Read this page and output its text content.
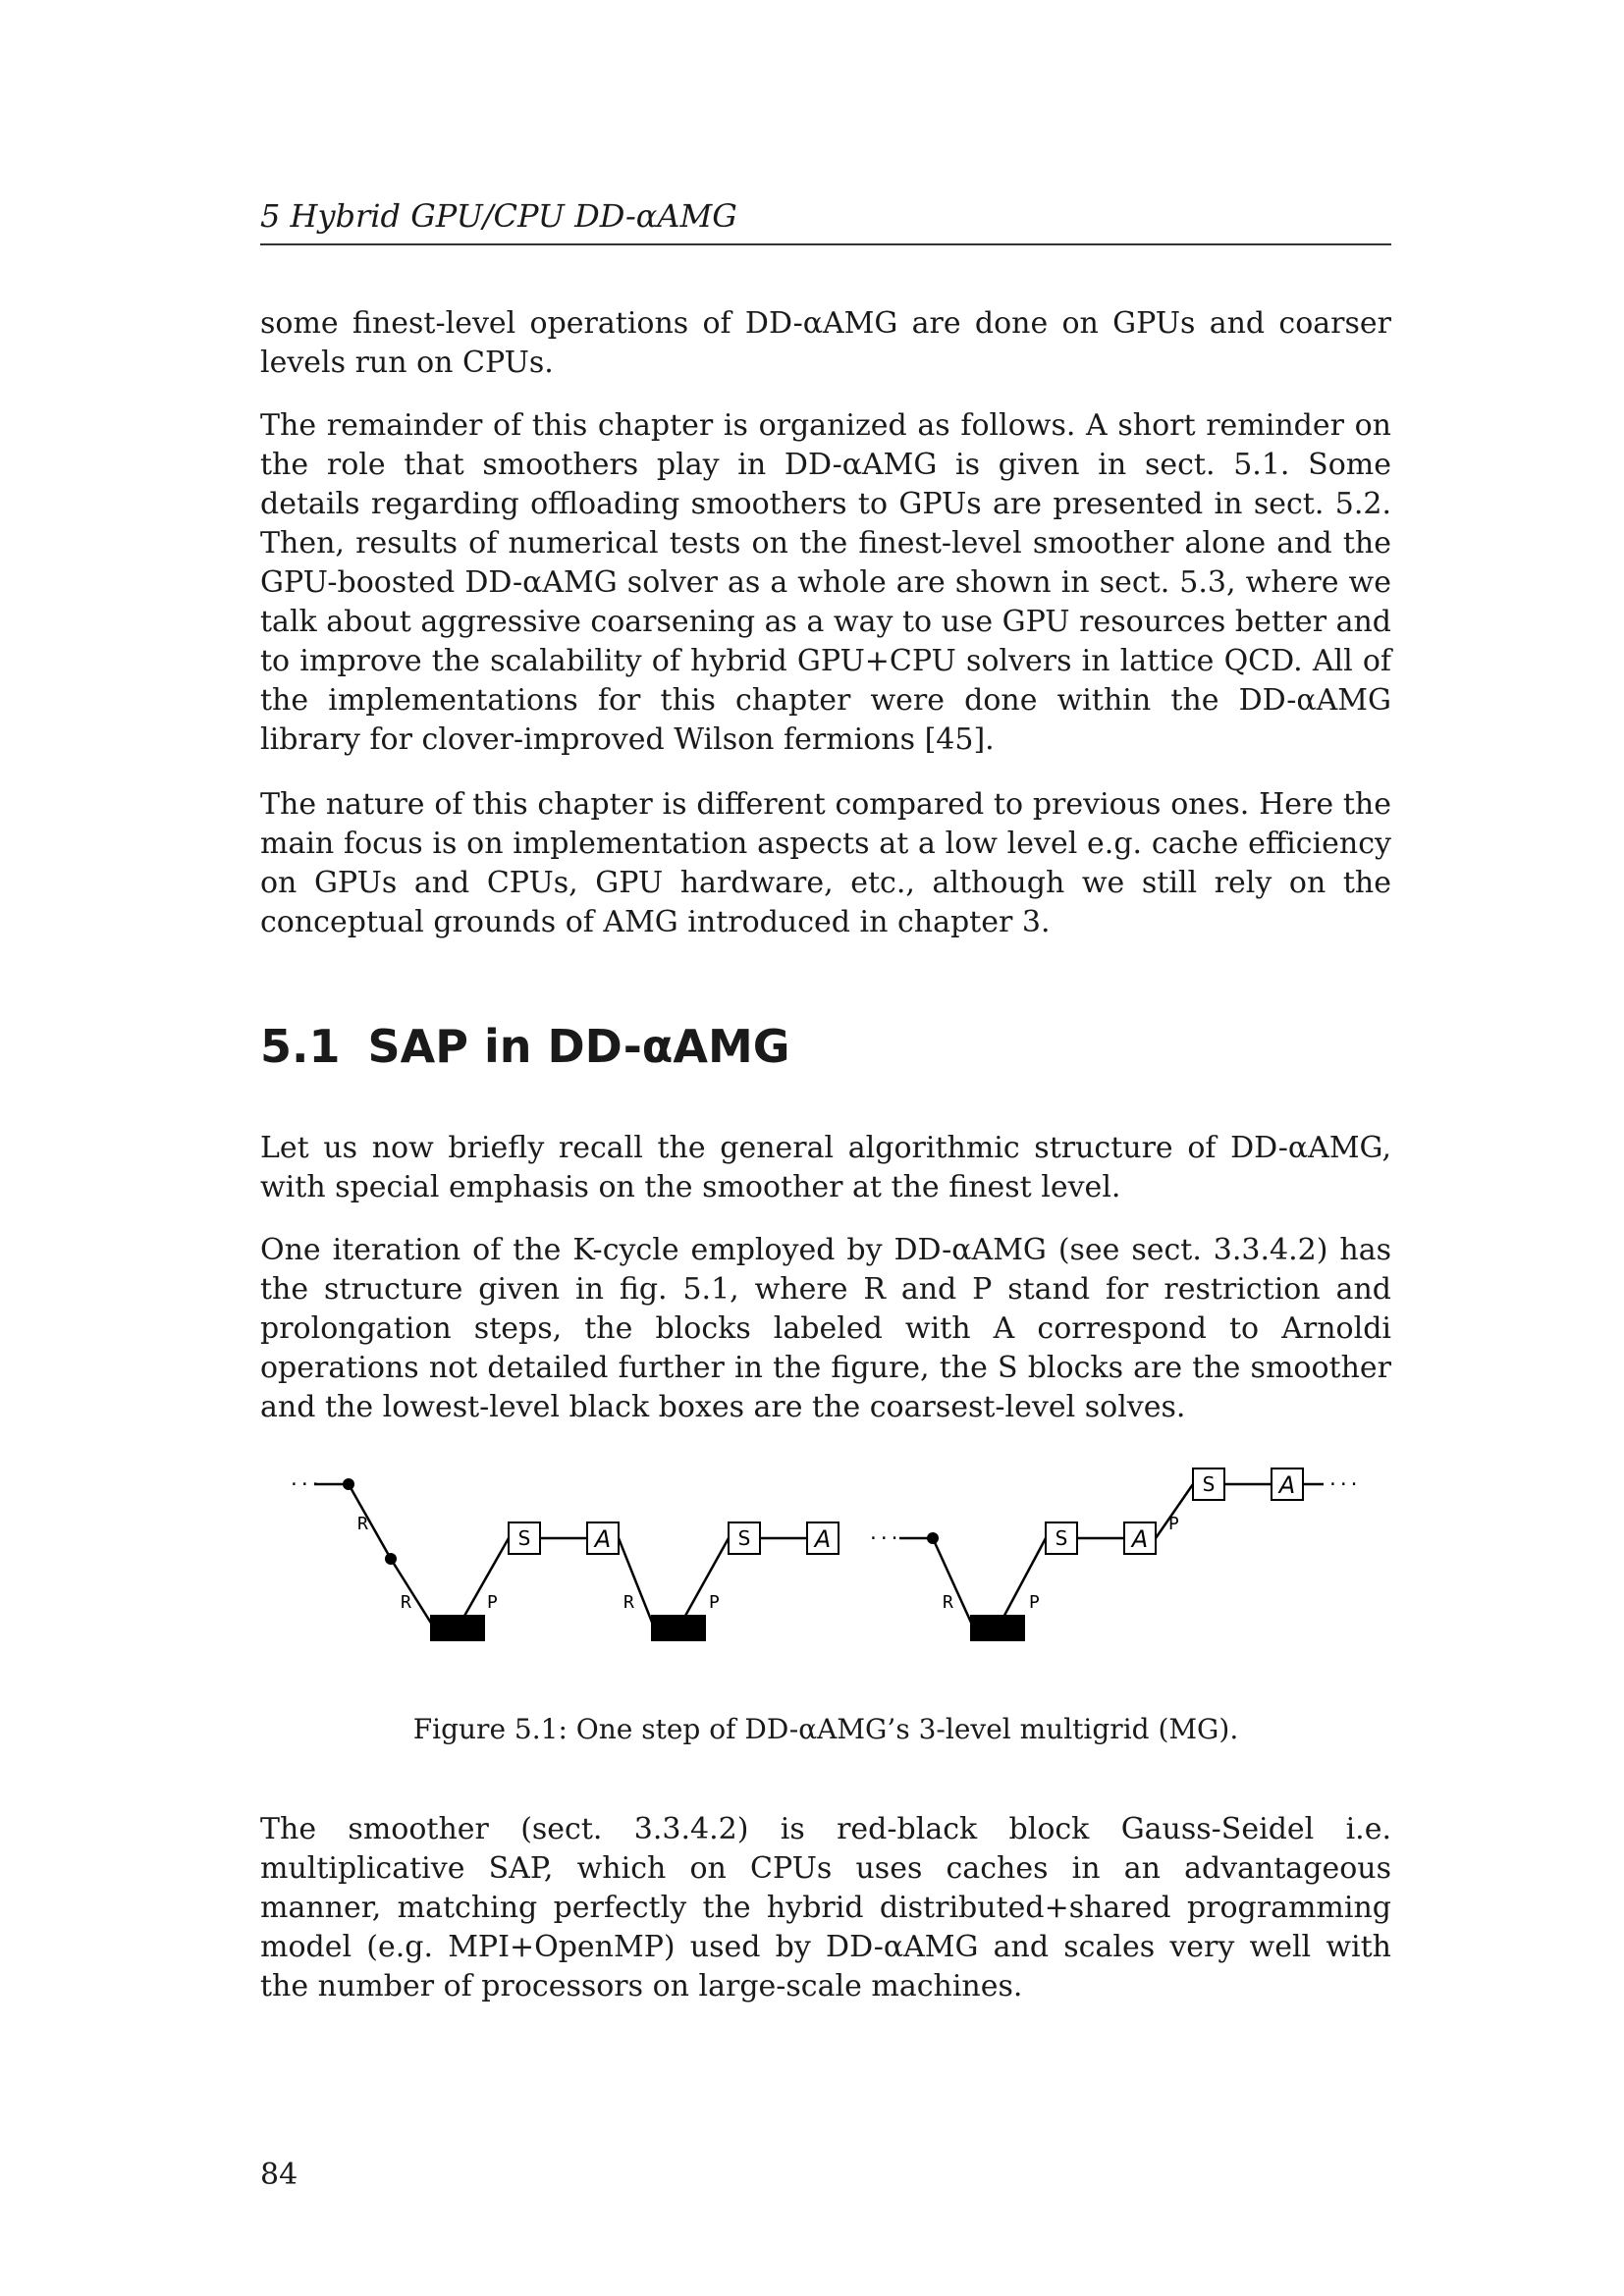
5 Hybrid GPU/CPU DD-αAMG

some finest-level operations of DD-αAMG are done on GPUs and coarser levels run on CPUs.

The remainder of this chapter is organized as follows. A short reminder on the role that smoothers play in DD-αAMG is given in sect. 5.1. Some details regarding offloading smoothers to GPUs are presented in sect. 5.2. Then, results of numerical tests on the finest-level smoother alone and the GPU-boosted DD-αAMG solver as a whole are shown in sect. 5.3, where we talk about aggressive coarsening as a way to use GPU resources better and to improve the scalability of hybrid GPU+CPU solvers in lattice QCD. All of the implementations for this chapter were done within the DD-αAMG library for clover-improved Wilson fermions [45].

The nature of this chapter is different compared to previous ones. Here the main focus is on implementation aspects at a low level e.g. cache efficiency on GPUs and CPUs, GPU hardware, etc., although we still rely on the conceptual grounds of AMG introduced in chapter 3.

5.1 SAP in DD-αAMG

Let us now briefly recall the general algorithmic structure of DD-αAMG, with special emphasis on the smoother at the finest level.

One iteration of the K-cycle employed by DD-αAMG (see sect. 3.3.4.2) has the structure given in fig. 5.1, where R and P stand for restriction and prolongation steps, the blocks labeled with A correspond to Arnoldi operations not detailed further in the figure, the S blocks are the smoother and the lowest-level black boxes are the coarsest-level solves.

···
···
···
S	A	S	A	S	A
S	A
R
R	P	R	P	R	P
P
Figure 5.1: One step of DD-αAMG’s 3-level multigrid (MG).

The smoother (sect. 3.3.4.2) is red-black block Gauss-Seidel i.e. multiplicative SAP, which on CPUs uses caches in an advantageous manner, matching perfectly the hybrid distributed+shared programming model (e.g. MPI+OpenMP) used by DD-αAMG and scales very well with the number of processors on large-scale machines.

84
